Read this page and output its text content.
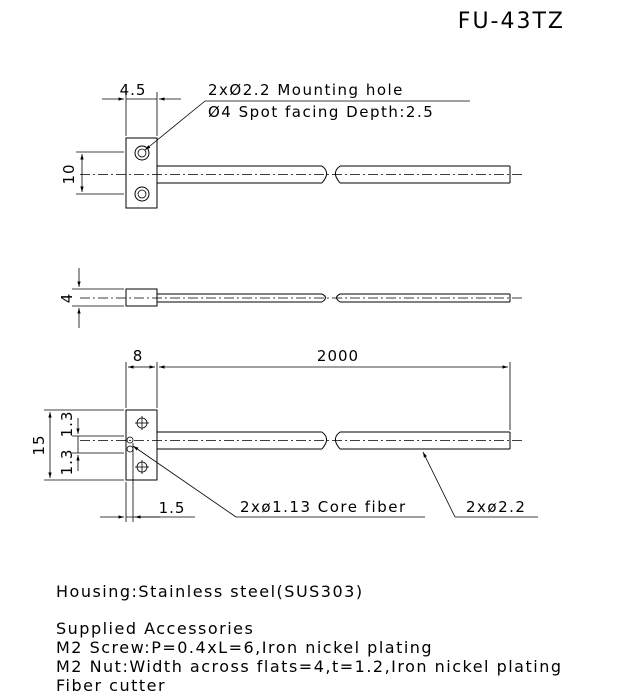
FU-43TZ
4.5
10
2xØ2.2 Mounting hole
Ø4 Spot facing Depth:2.5
4
8	2000
15
1.3
1.3
1.5	2xø1.13 Core fiber	2xø2.2
Housing:Stainless steel(SUS303)
Supplied Accessories
M2 Screw:P=0.4xL=6,Iron nickel plating
M2 Nut:Width across flats=4,t=1.2,Iron nickel plating
Fiber cutter
